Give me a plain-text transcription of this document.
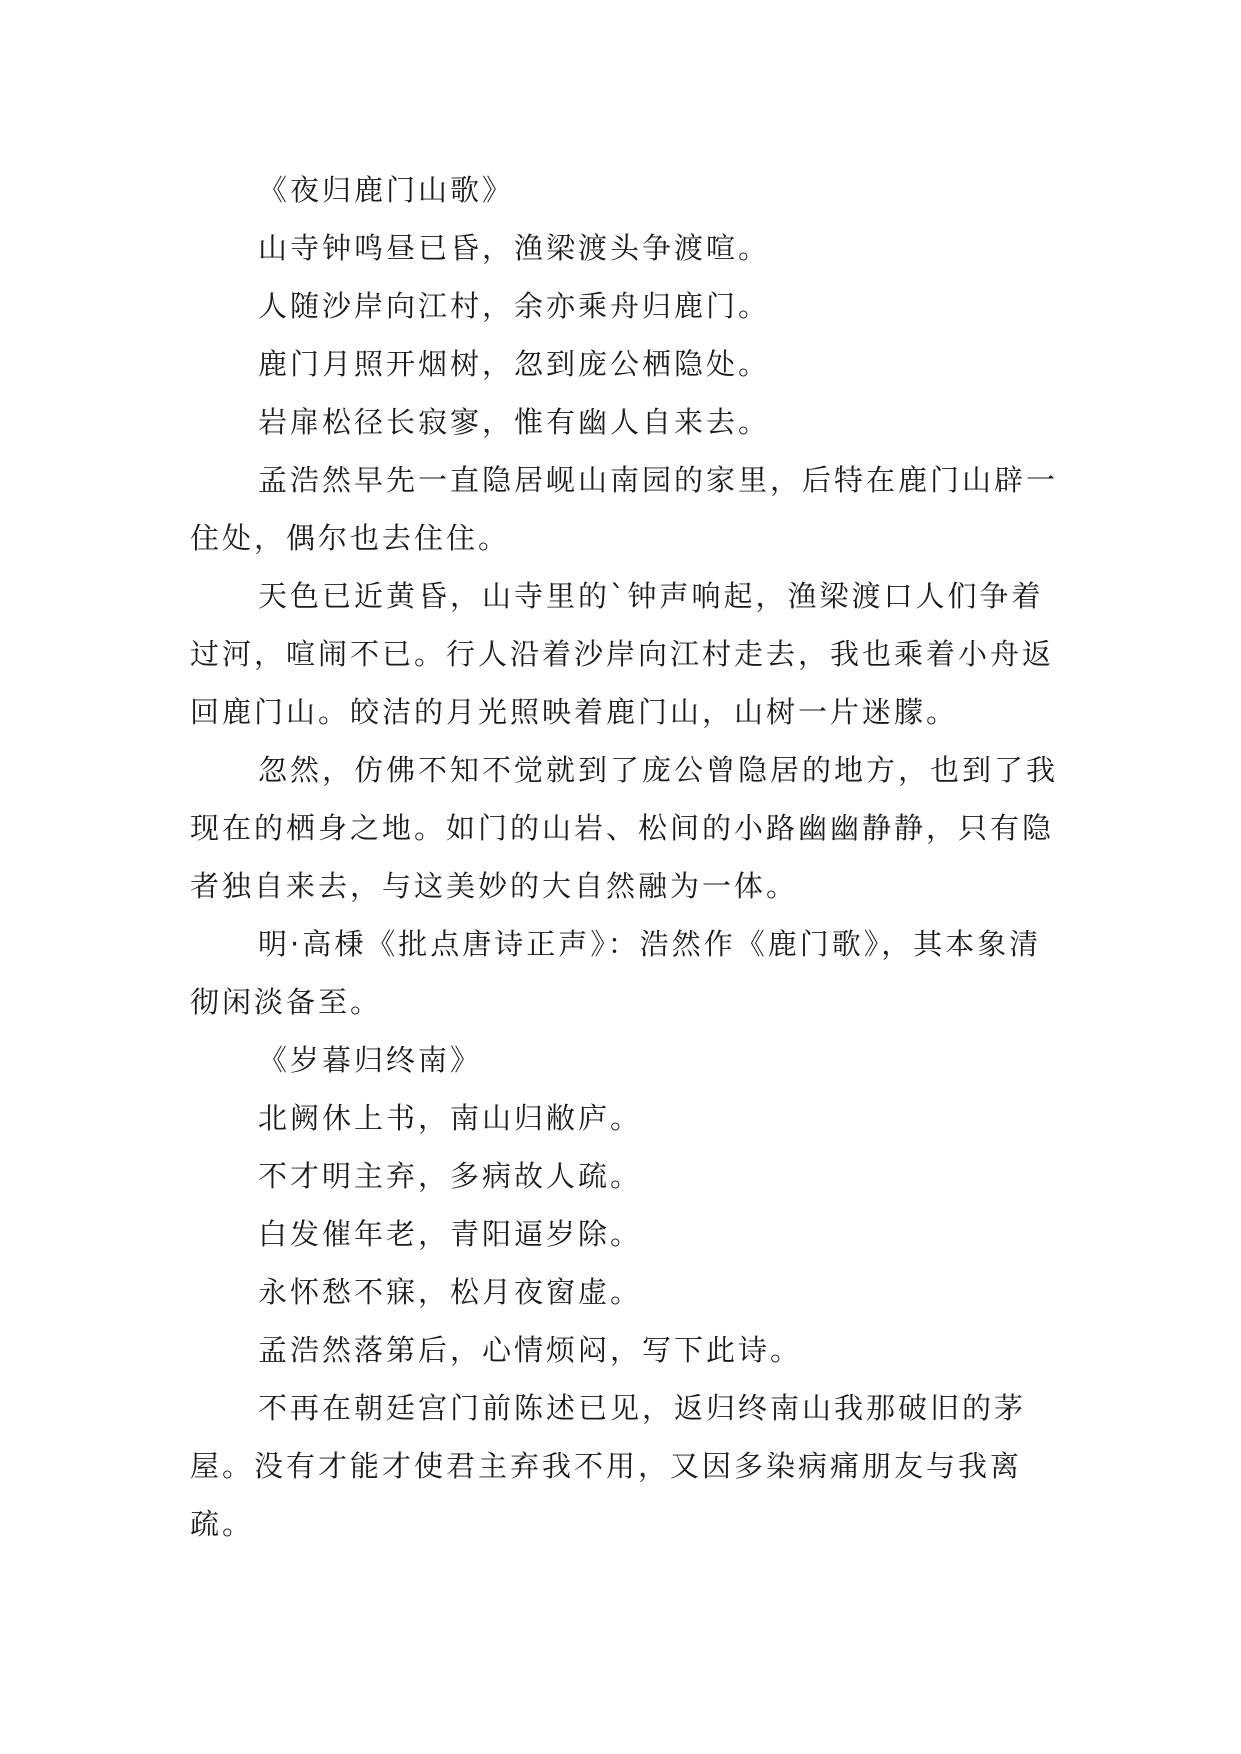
《夜归鹿门山歌》

山寺钟鸣昼已昏，渔梁渡头争渡喧。

人随沙岸向江村，余亦乘舟归鹿门。

鹿门月照开烟树，忽到庞公栖隐处。

岩扉松径长寂寥，惟有幽人自来去。

孟浩然早先一直隐居岘山南园的家里，后特在鹿门山辟一住处，偶尔也去住住。

天色已近黄昏，山寺里的`钟声响起，渔梁渡口人们争着过河，喧闹不已。行人沿着沙岸向江村走去，我也乘着小舟返回鹿门山。皎洁的月光照映着鹿门山，山树一片迷朦。

忽然，仿佛不知不觉就到了庞公曾隐居的地方，也到了我现在的栖身之地。如门的山岩、松间的小路幽幽静静，只有隐者独自来去，与这美妙的大自然融为一体。

明·高棅《批点唐诗正声》：浩然作《鹿门歌》，其本象清彻闲淡备至。

《岁暮归终南》

北阙休上书，南山归敝庐。

不才明主弃，多病故人疏。

白发催年老，青阳逼岁除。

永怀愁不寐，松月夜窗虚。

孟浩然落第后，心情烦闷，写下此诗。

不再在朝廷宫门前陈述已见，返归终南山我那破旧的茅屋。没有才能才使君主弃我不用，又因多染病痛朋友与我离疏。
